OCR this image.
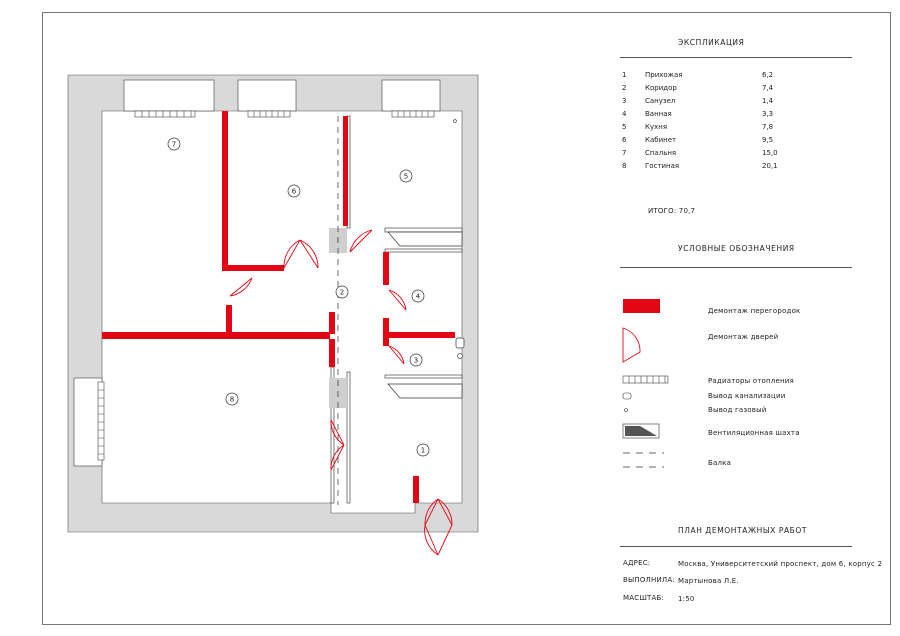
1
2
3
4
5
6
7
8
ЭКСПЛИКАЦИЯ
1	Прихожая	6,2
2	Коридор	7,4
3	Санузел	1,4
4	Ванная	3,3
5	Кухня	7,8
6	Кабинет	9,5
7	Спальня	15,0
8	Гостиная	20,1
ИТОГО: 70,7
УСЛОВНЫЕ ОБОЗНАЧЕНИЯ
Демонтаж перегородок
Демонтаж дверей
Радиаторы отопления
Вывод канализации
Вывод газовый
Вентиляционная шахта
Балка
ПЛАН ДЕМОНТАЖНЫХ РАБОТ
АДРЕС:	Москва, Университетский проспект, дом 6, корпус 2
ВЫПОЛНИЛА: Мартынова Л.Е.
МАСШТАБ: 1:50
